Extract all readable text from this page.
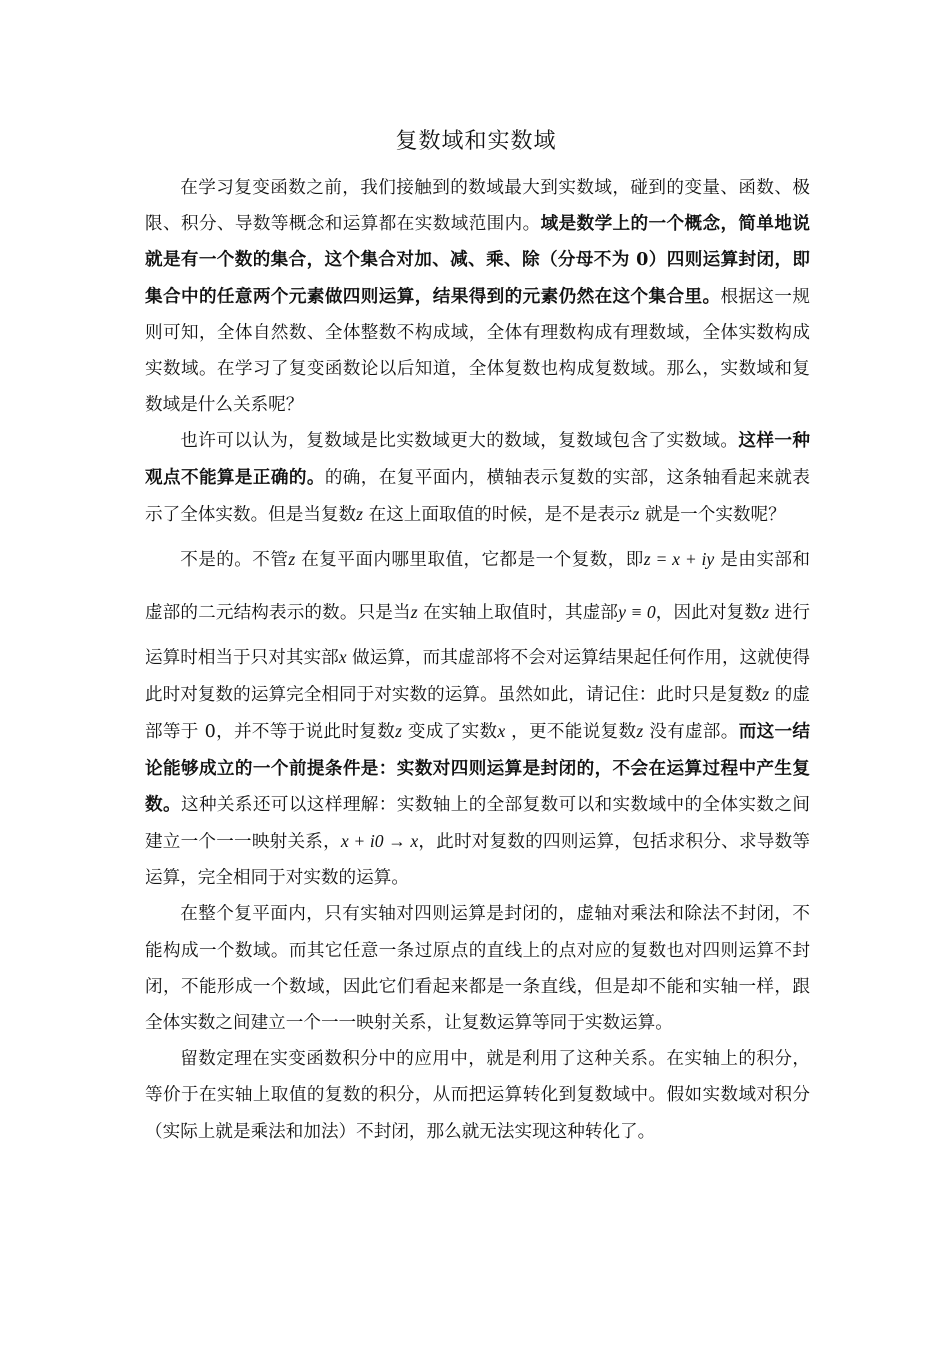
复数域和实数域

在学习复变函数之前，我们接触到的数域最大到实数域，碰到的变量、函数、极限、积分、导数等概念和运算都在实数域范围内。域是数学上的一个概念，简单地说就是有一个数的集合，这个集合对加、减、乘、除（分母不为 0）四则运算封闭，即集合中的任意两个元素做四则运算，结果得到的元素仍然在这个集合里。根据这一规则可知，全体自然数、全体整数不构成域，全体有理数构成有理数域，全体实数构成实数域。在学习了复变函数论以后知道，全体复数也构成复数域。那么，实数域和复数域是什么关系呢？

也许可以认为，复数域是比实数域更大的数域，复数域包含了实数域。这样一种观点不能算是正确的。的确，在复平面内，横轴表示复数的实部，这条轴看起来就表示了全体实数。但是当复数z 在这上面取值的时候，是不是表示z 就是一个实数呢？

不是的。不管z 在复平面内哪里取值，它都是一个复数，即z = x + iy 是由实部和虚部的二元结构表示的数。只是当z 在实轴上取值时，其虚部y ≡ 0，因此对复数z 进行运算时相当于只对其实部x 做运算，而其虚部将不会对运算结果起任何作用，这就使得此时对复数的运算完全相同于对实数的运算。虽然如此，请记住：此时只是复数z 的虚部等于 0，并不等于说此时复数z 变成了实数x ，更不能说复数z 没有虚部。而这一结论能够成立的一个前提条件是：实数对四则运算是封闭的，不会在运算过程中产生复数。这种关系还可以这样理解：实数轴上的全部复数可以和实数域中的全体实数之间建立一个一一映射关系，x + i0 → x，此时对复数的四则运算，包括求积分、求导数等运算，完全相同于对实数的运算。

在整个复平面内，只有实轴对四则运算是封闭的，虚轴对乘法和除法不封闭，不能构成一个数域。而其它任意一条过原点的直线上的点对应的复数也对四则运算不封闭，不能形成一个数域，因此它们看起来都是一条直线，但是却不能和实轴一样，跟全体实数之间建立一个一一映射关系，让复数运算等同于实数运算。

留数定理在实变函数积分中的应用中，就是利用了这种关系。在实轴上的积分，等价于在实轴上取值的复数的积分，从而把运算转化到复数域中。假如实数域对积分（实际上就是乘法和加法）不封闭，那么就无法实现这种转化了。
